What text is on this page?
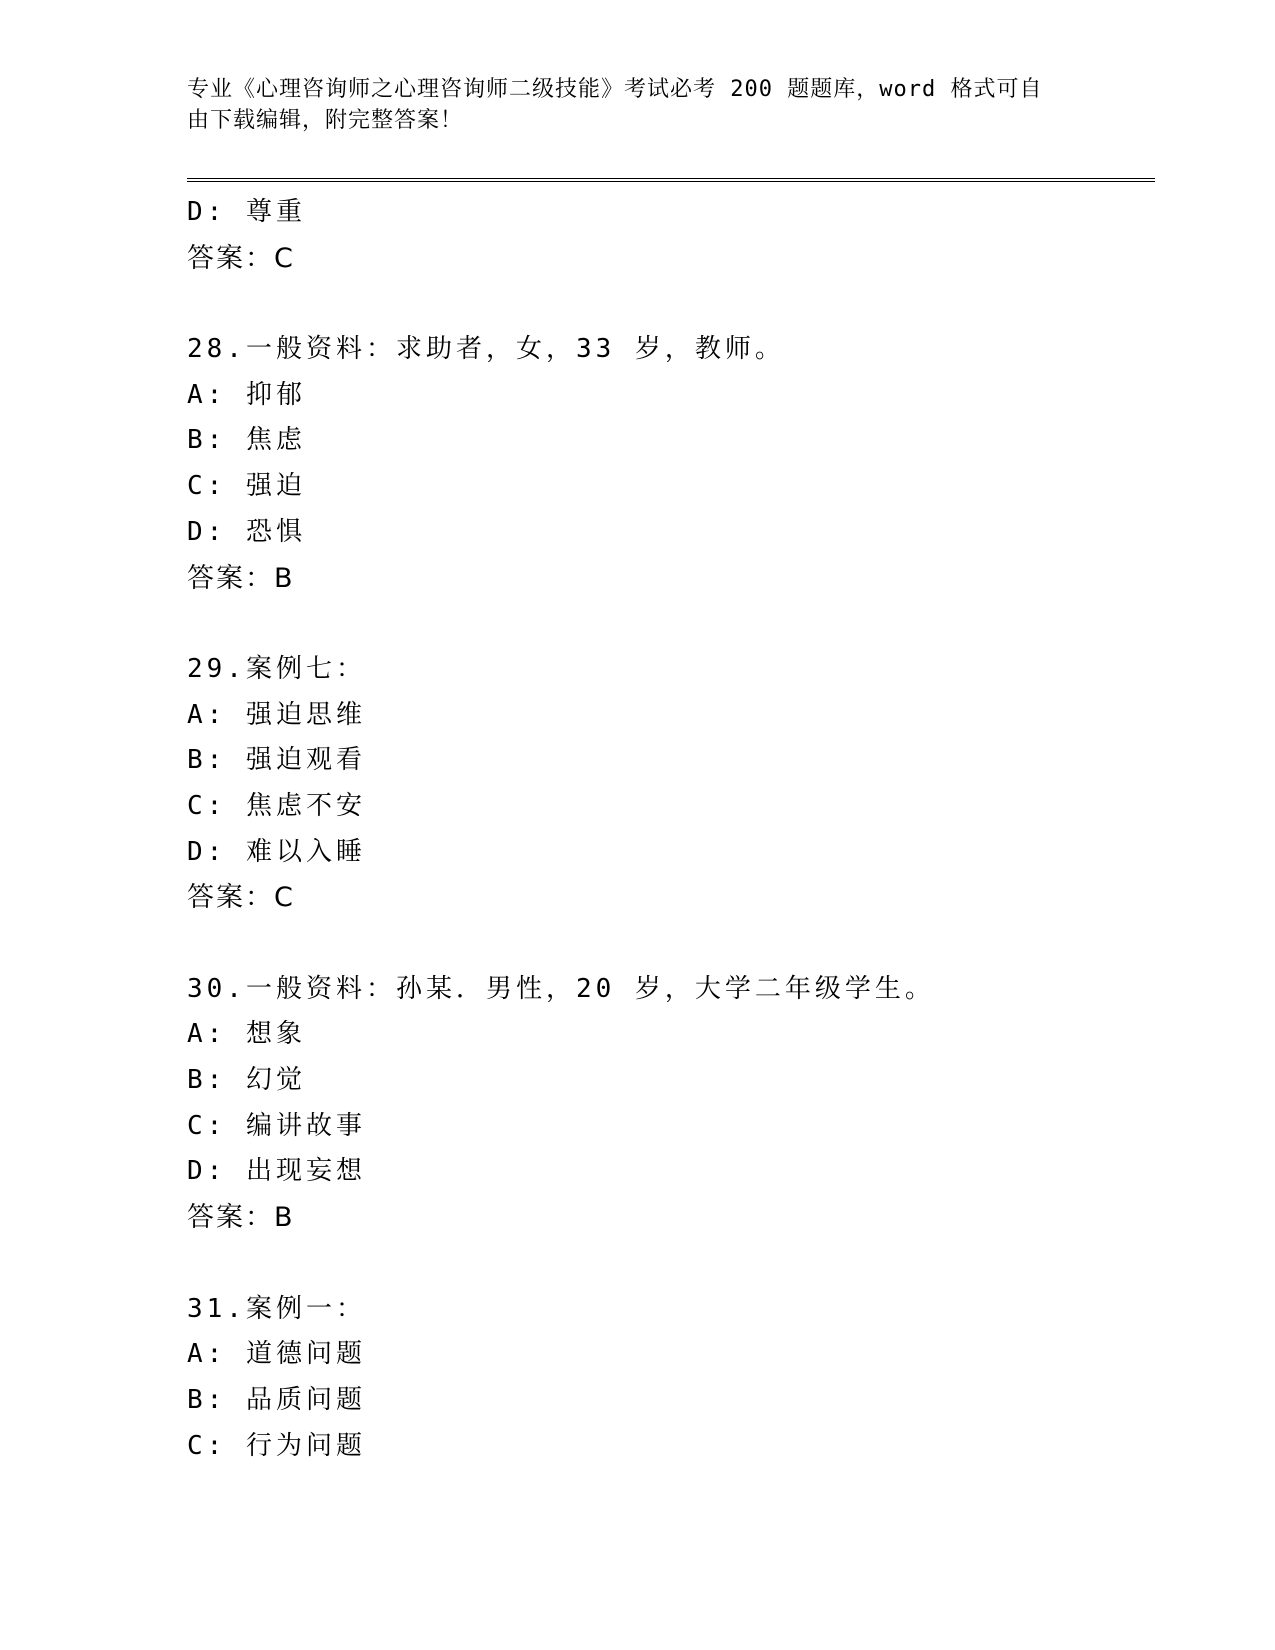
专业《心理咨询师之心理咨询师二级技能》考试必考 200 题题库，word 格式可自
由下载编辑，附完整答案！
D: 尊重
答案：C
28.一般资料：求助者，女，33 岁，教师。
A: 抑郁
B: 焦虑
C: 强迫
D: 恐惧
答案：B
29.案例七：
A: 强迫思维
B: 强迫观看
C: 焦虑不安
D: 难以入睡
答案：C
30.一般资料：孙某．男性，20 岁，大学二年级学生。
A: 想象
B: 幻觉
C: 编讲故事
D: 出现妄想
答案：B
31.案例一：
A: 道德问题
B: 品质问题
C: 行为问题
